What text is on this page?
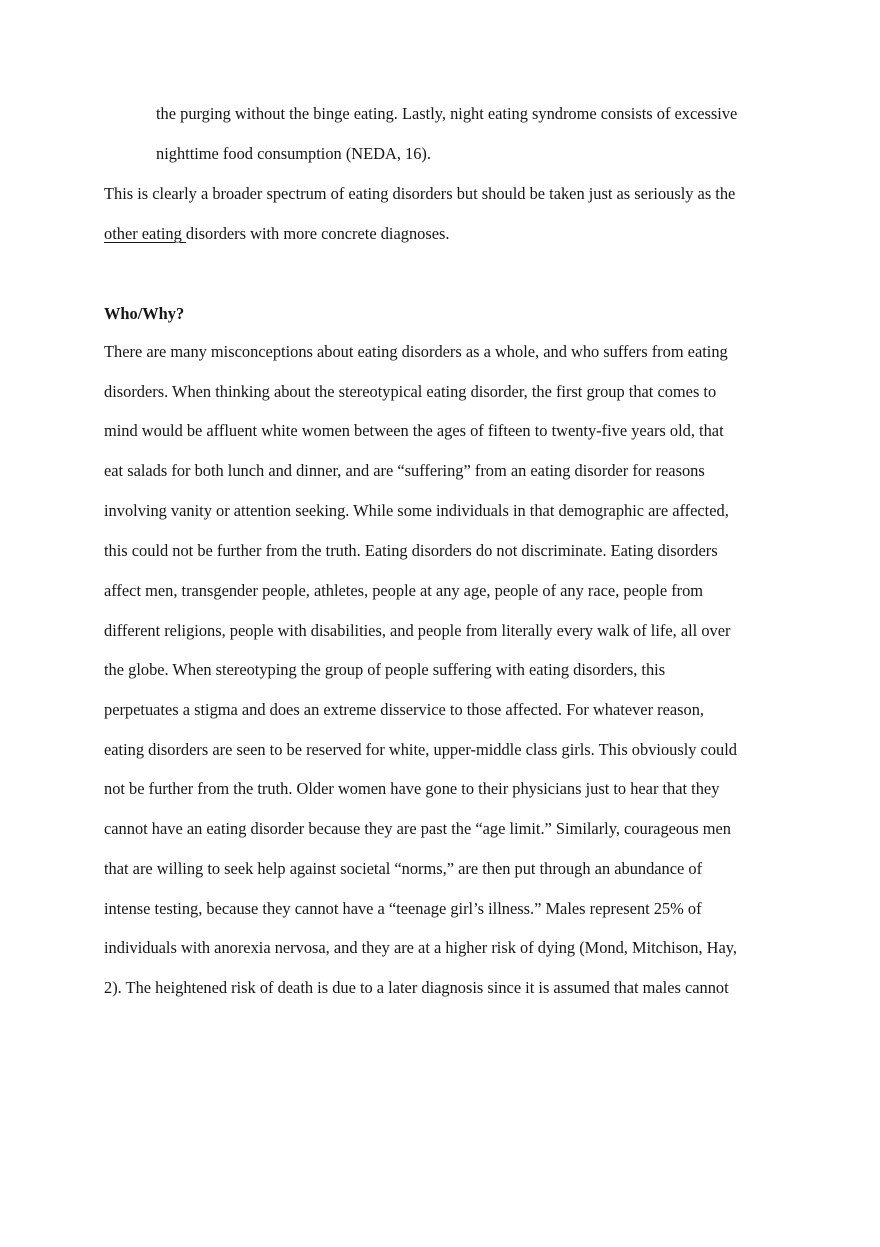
the purging without the binge eating. Lastly, night eating syndrome consists of excessive
nighttime food consumption (NEDA, 16).
This is clearly a broader spectrum of eating disorders but should be taken just as seriously as the
other eating disorders with more concrete diagnoses.
Who/Why?
There are many misconceptions about eating disorders as a whole, and who suffers from eating
disorders. When thinking about the stereotypical eating disorder, the first group that comes to
mind would be affluent white women between the ages of fifteen to twenty-five years old, that
eat salads for both lunch and dinner, and are “suffering” from an eating disorder for reasons
involving vanity or attention seeking. While some individuals in that demographic are affected,
this could not be further from the truth. Eating disorders do not discriminate. Eating disorders
affect men, transgender people, athletes, people at any age, people of any race, people from
different religions, people with disabilities, and people from literally every walk of life, all over
the globe. When stereotyping the group of people suffering with eating disorders, this
perpetuates a stigma and does an extreme disservice to those affected. For whatever reason,
eating disorders are seen to be reserved for white, upper-middle class girls. This obviously could
not be further from the truth. Older women have gone to their physicians just to hear that they
cannot have an eating disorder because they are past the “age limit.” Similarly, courageous men
that are willing to seek help against societal “norms,” are then put through an abundance of
intense testing, because they cannot have a “teenage girl’s illness.” Males represent 25% of
individuals with anorexia nervosa, and they are at a higher risk of dying (Mond, Mitchison, Hay,
2). The heightened risk of death is due to a later diagnosis since it is assumed that males cannot
